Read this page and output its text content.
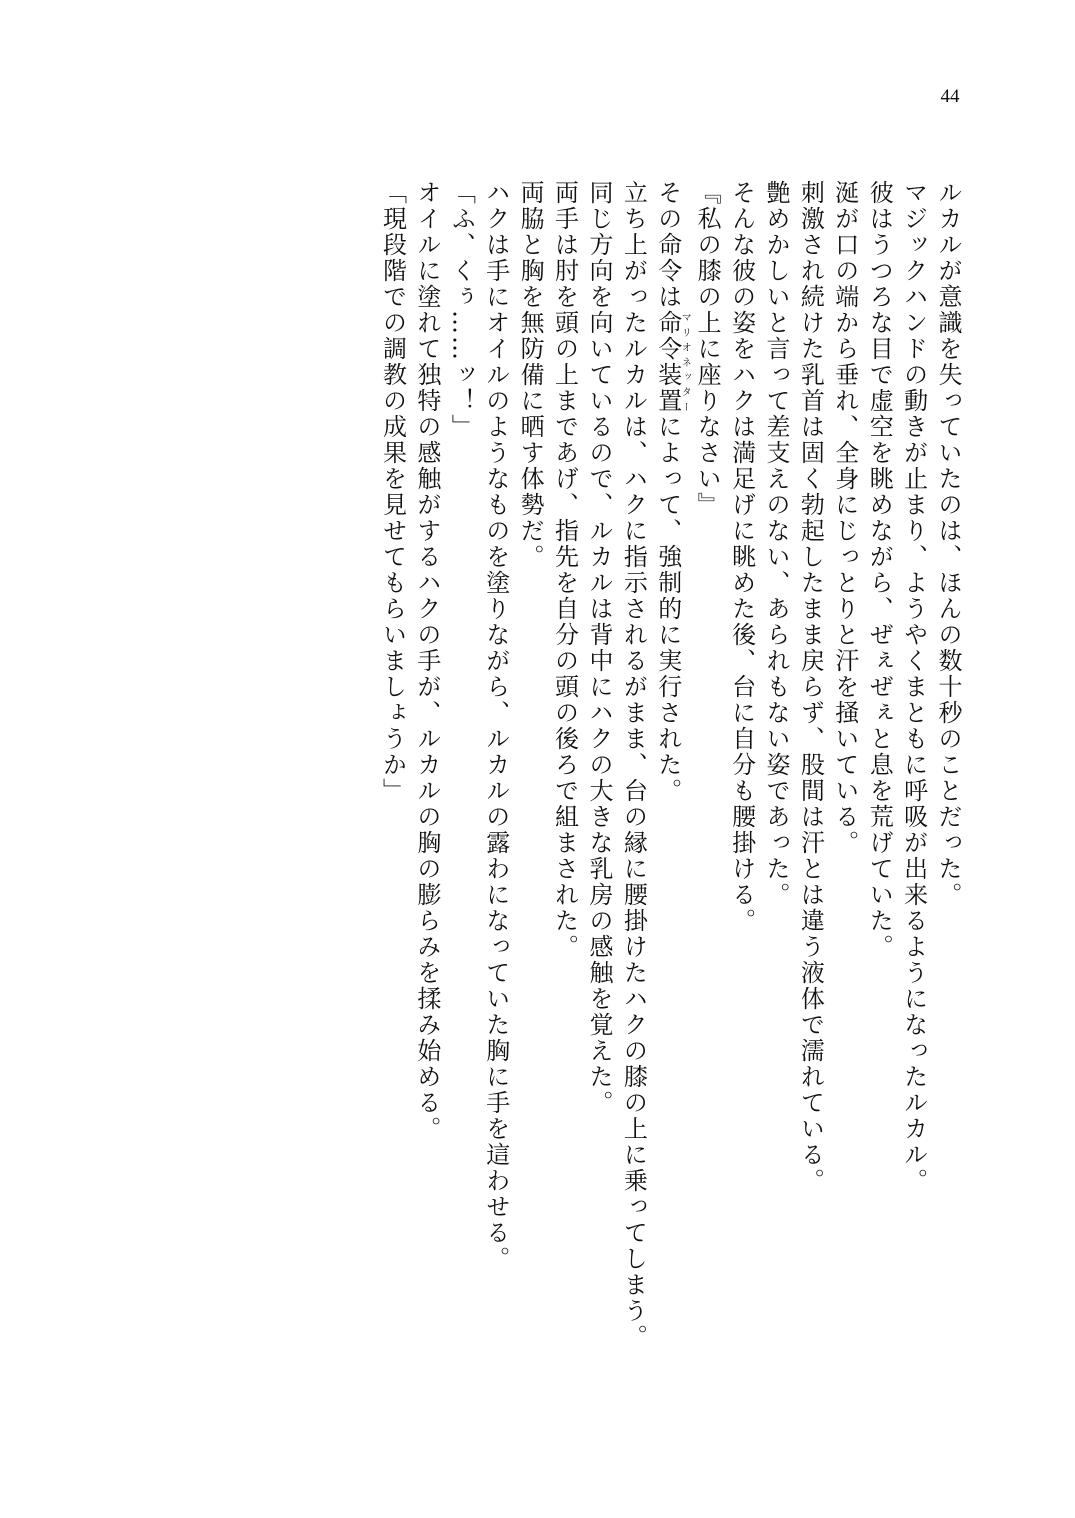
44

ルカルが意識を失っていたのは、ほんの数十秒のことだった。

マジックハンドの動きが止まり、ようやくまともに呼吸が出来るようになったルカル。

彼はうつろな目で虚空を眺めながら、ぜぇぜぇと息を荒げていた。

涎が口の端から垂れ、全身にじっとりと汗を掻いている。

刺激され続けた乳首は固く勃起したまま戻らず、股間は汗とは違う液体で濡れている。

艶めかしいと言って差支えのない、あられもない姿であった。

そんな彼の姿をハクは満足げに眺めた後、台に自分も腰掛ける。

『私の膝の上に座りなさい』

その命令は命令装置マリオネッターによって、強制的に実行された。

立ち上がったルカルは、ハクに指示されるがまま、台の縁に腰掛けたハクの膝の上に乗ってしまう。

同じ方向を向いているので、ルカルは背中にハクの大きな乳房の感触を覚えた。

両手は肘を頭の上まであげ、指先を自分の頭の後ろで組まされた。

両脇と胸を無防備に晒す体勢だ。

ハクは手にオイルのようなものを塗りながら、ルカルの露わになっていた胸に手を這わせる。

「ふ、くぅ……ッ！」

オイルに塗れて独特の感触がするハクの手が、ルカルの胸の膨らみを揉み始める。

「現段階での調教の成果を見せてもらいましょうか」
